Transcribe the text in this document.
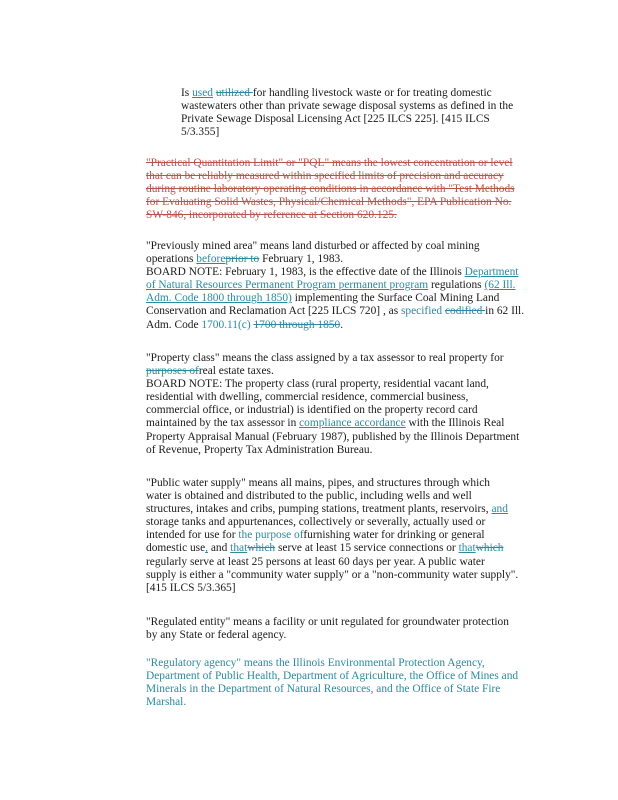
Is used utilized for handling livestock waste or for treating domestic
wastewaters other than private sewage disposal systems as defined in the
Private Sewage Disposal Licensing Act [225 ILCS 225]. [415 ILCS
5/3.355]
"Practical Quantitation Limit" or "PQL" means the lowest concentration or level
that can be reliably measured within specified limits of precision and accuracy
during routine laboratory operating conditions in accordance with "Test Methods
for Evaluating Solid Wastes, Physical/Chemical Methods", EPA Publication No.
SW-846, incorporated by reference at Section 620.125.
"Previously mined area" means land disturbed or affected by coal mining
operations beforeprior to February 1, 1983.
BOARD NOTE: February 1, 1983, is the effective date of the Illinois Department
of Natural Resources Permanent Program permanent program regulations (62 Ill.
Adm. Code 1800 through 1850) implementing the Surface Coal Mining Land
Conservation and Reclamation Act [225 ILCS 720] , as specified codified in 62 Ill.
Adm. Code 1700.11(c) 1700 through 1850.
"Property class" means the class assigned by a tax assessor to real property for
purposes ofreal estate taxes.
BOARD NOTE: The property class (rural property, residential vacant land,
residential with dwelling, commercial residence, commercial business,
commercial office, or industrial) is identified on the property record card
maintained by the tax assessor in compliance accordance with the Illinois Real
Property Appraisal Manual (February 1987), published by the Illinois Department
of Revenue, Property Tax Administration Bureau.
"Public water supply" means all mains, pipes, and structures through which
water is obtained and distributed to the public, including wells and well
structures, intakes and cribs, pumping stations, treatment plants, reservoirs, and
storage tanks and appurtenances, collectively or severally, actually used or
intended for use for the purpose offurnishing water for drinking or general
domestic use, and thatwhich serve at least 15 service connections or thatwhich
regularly serve at least 25 persons at least 60 days per year. A public water
supply is either a "community water supply" or a "non-community water supply".
[415 ILCS 5/3.365]
"Regulated entity" means a facility or unit regulated for groundwater protection
by any State or federal agency.
"Regulatory agency" means the Illinois Environmental Protection Agency,
Department of Public Health, Department of Agriculture, the Office of Mines and
Minerals in the Department of Natural Resources, and the Office of State Fire
Marshal.
